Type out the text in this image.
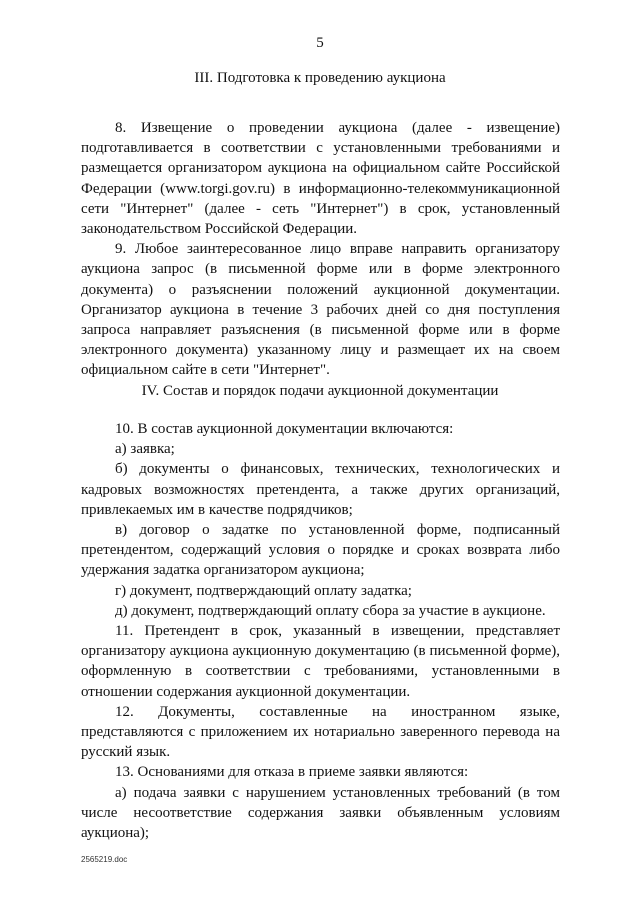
5
III. Подготовка к проведению аукциона

8. Извещение о проведении аукциона (далее - извещение) подготавливается в соответствии с установленными требованиями и размещается организатором аукциона на официальном сайте Российской Федерации (www.torgi.gov.ru) в информационно-телекоммуникационной сети "Интернет" (далее - сеть "Интернет") в срок, установленный законодательством Российской Федерации.

9. Любое заинтересованное лицо вправе направить организатору аукциона запрос (в письменной форме или в форме электронного документа) о разъяснении положений аукционной документации. Организатор аукциона в течение 3 рабочих дней со дня поступления запроса направляет разъяснения (в письменной форме или в форме электронного документа) указанному лицу и размещает их на своем официальном сайте в сети "Интернет".

IV. Состав и порядок подачи аукционной документации

10. В состав аукционной документации включаются:

а) заявка;

б) документы о финансовых, технических, технологических и кадровых возможностях претендента, а также других организаций, привлекаемых им в качестве подрядчиков;

в) договор о задатке по установленной форме, подписанный претендентом, содержащий условия о порядке и сроках возврата либо удержания задатка организатором аукциона;

г) документ, подтверждающий оплату задатка;

д) документ, подтверждающий оплату сбора за участие в аукционе.

11. Претендент в срок, указанный в извещении, представляет организатору аукциона аукционную документацию (в письменной форме), оформленную в соответствии с требованиями, установленными в отношении содержания аукционной документации.

12. Документы, составленные на иностранном языке, представляются с приложением их нотариально заверенного перевода на русский язык.

13. Основаниями для отказа в приеме заявки являются:

а) подача заявки с нарушением установленных требований (в том числе несоответствие содержания заявки объявленным условиям аукциона);

2565219.doc
